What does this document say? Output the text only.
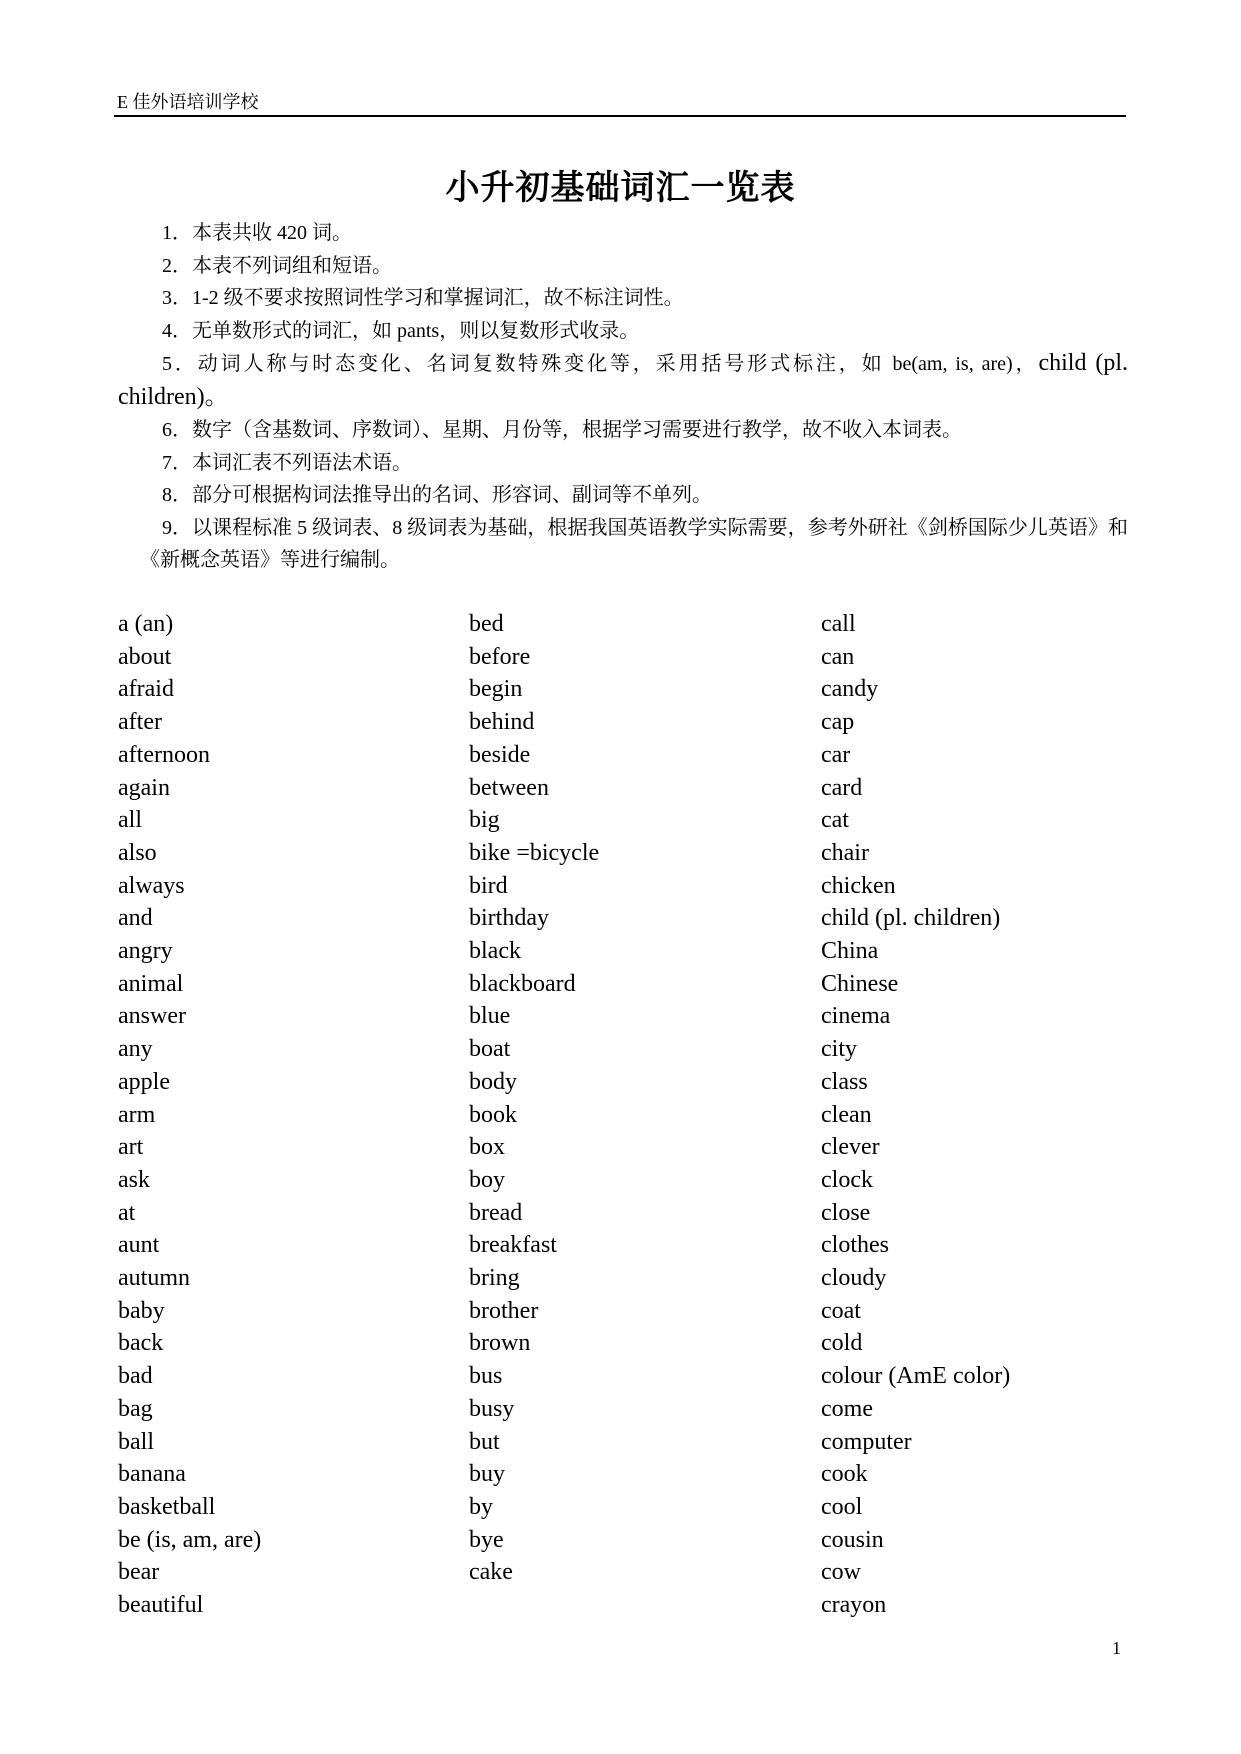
E 佳外语培训学校
小升初基础词汇一览表
1．本表共收 420 词。
2．本表不列词组和短语。
3．1-2 级不要求按照词性学习和掌握词汇，故不标注词性。
4．无单数形式的词汇，如 pants，则以复数形式收录。
5．动词人称与时态变化、名词复数特殊变化等，采用括号形式标注，如 be(am, is, are)，child (pl. children)。
6．数字（含基数词、序数词）、星期、月份等，根据学习需要进行教学，故不收入本词表。
7．本词汇表不列语法术语。
8．部分可根据构词法推导出的名词、形容词、副词等不单列。
9．以课程标准 5 级词表、8 级词表为基础，根据我国英语教学实际需要，参考外研社《剑桥国际少儿英语》和《新概念英语》等进行编制。
a (an)
about
afraid
after
afternoon
again
all
also
always
and
angry
animal
answer
any
apple
arm
art
ask
at
aunt
autumn
baby
back
bad
bag
ball
banana
basketball
be (is, am, are)
bear
beautiful
bed
before
begin
behind
beside
between
big
bike =bicycle
bird
birthday
black
blackboard
blue
boat
body
book
box
boy
bread
breakfast
bring
brother
brown
bus
busy
but
buy
by
bye
cake
call
can
candy
cap
car
card
cat
chair
chicken
child (pl. children)
China
Chinese
cinema
city
class
clean
clever
clock
close
clothes
cloudy
coat
cold
colour (AmE color)
come
computer
cook
cool
cousin
cow
crayon
1
